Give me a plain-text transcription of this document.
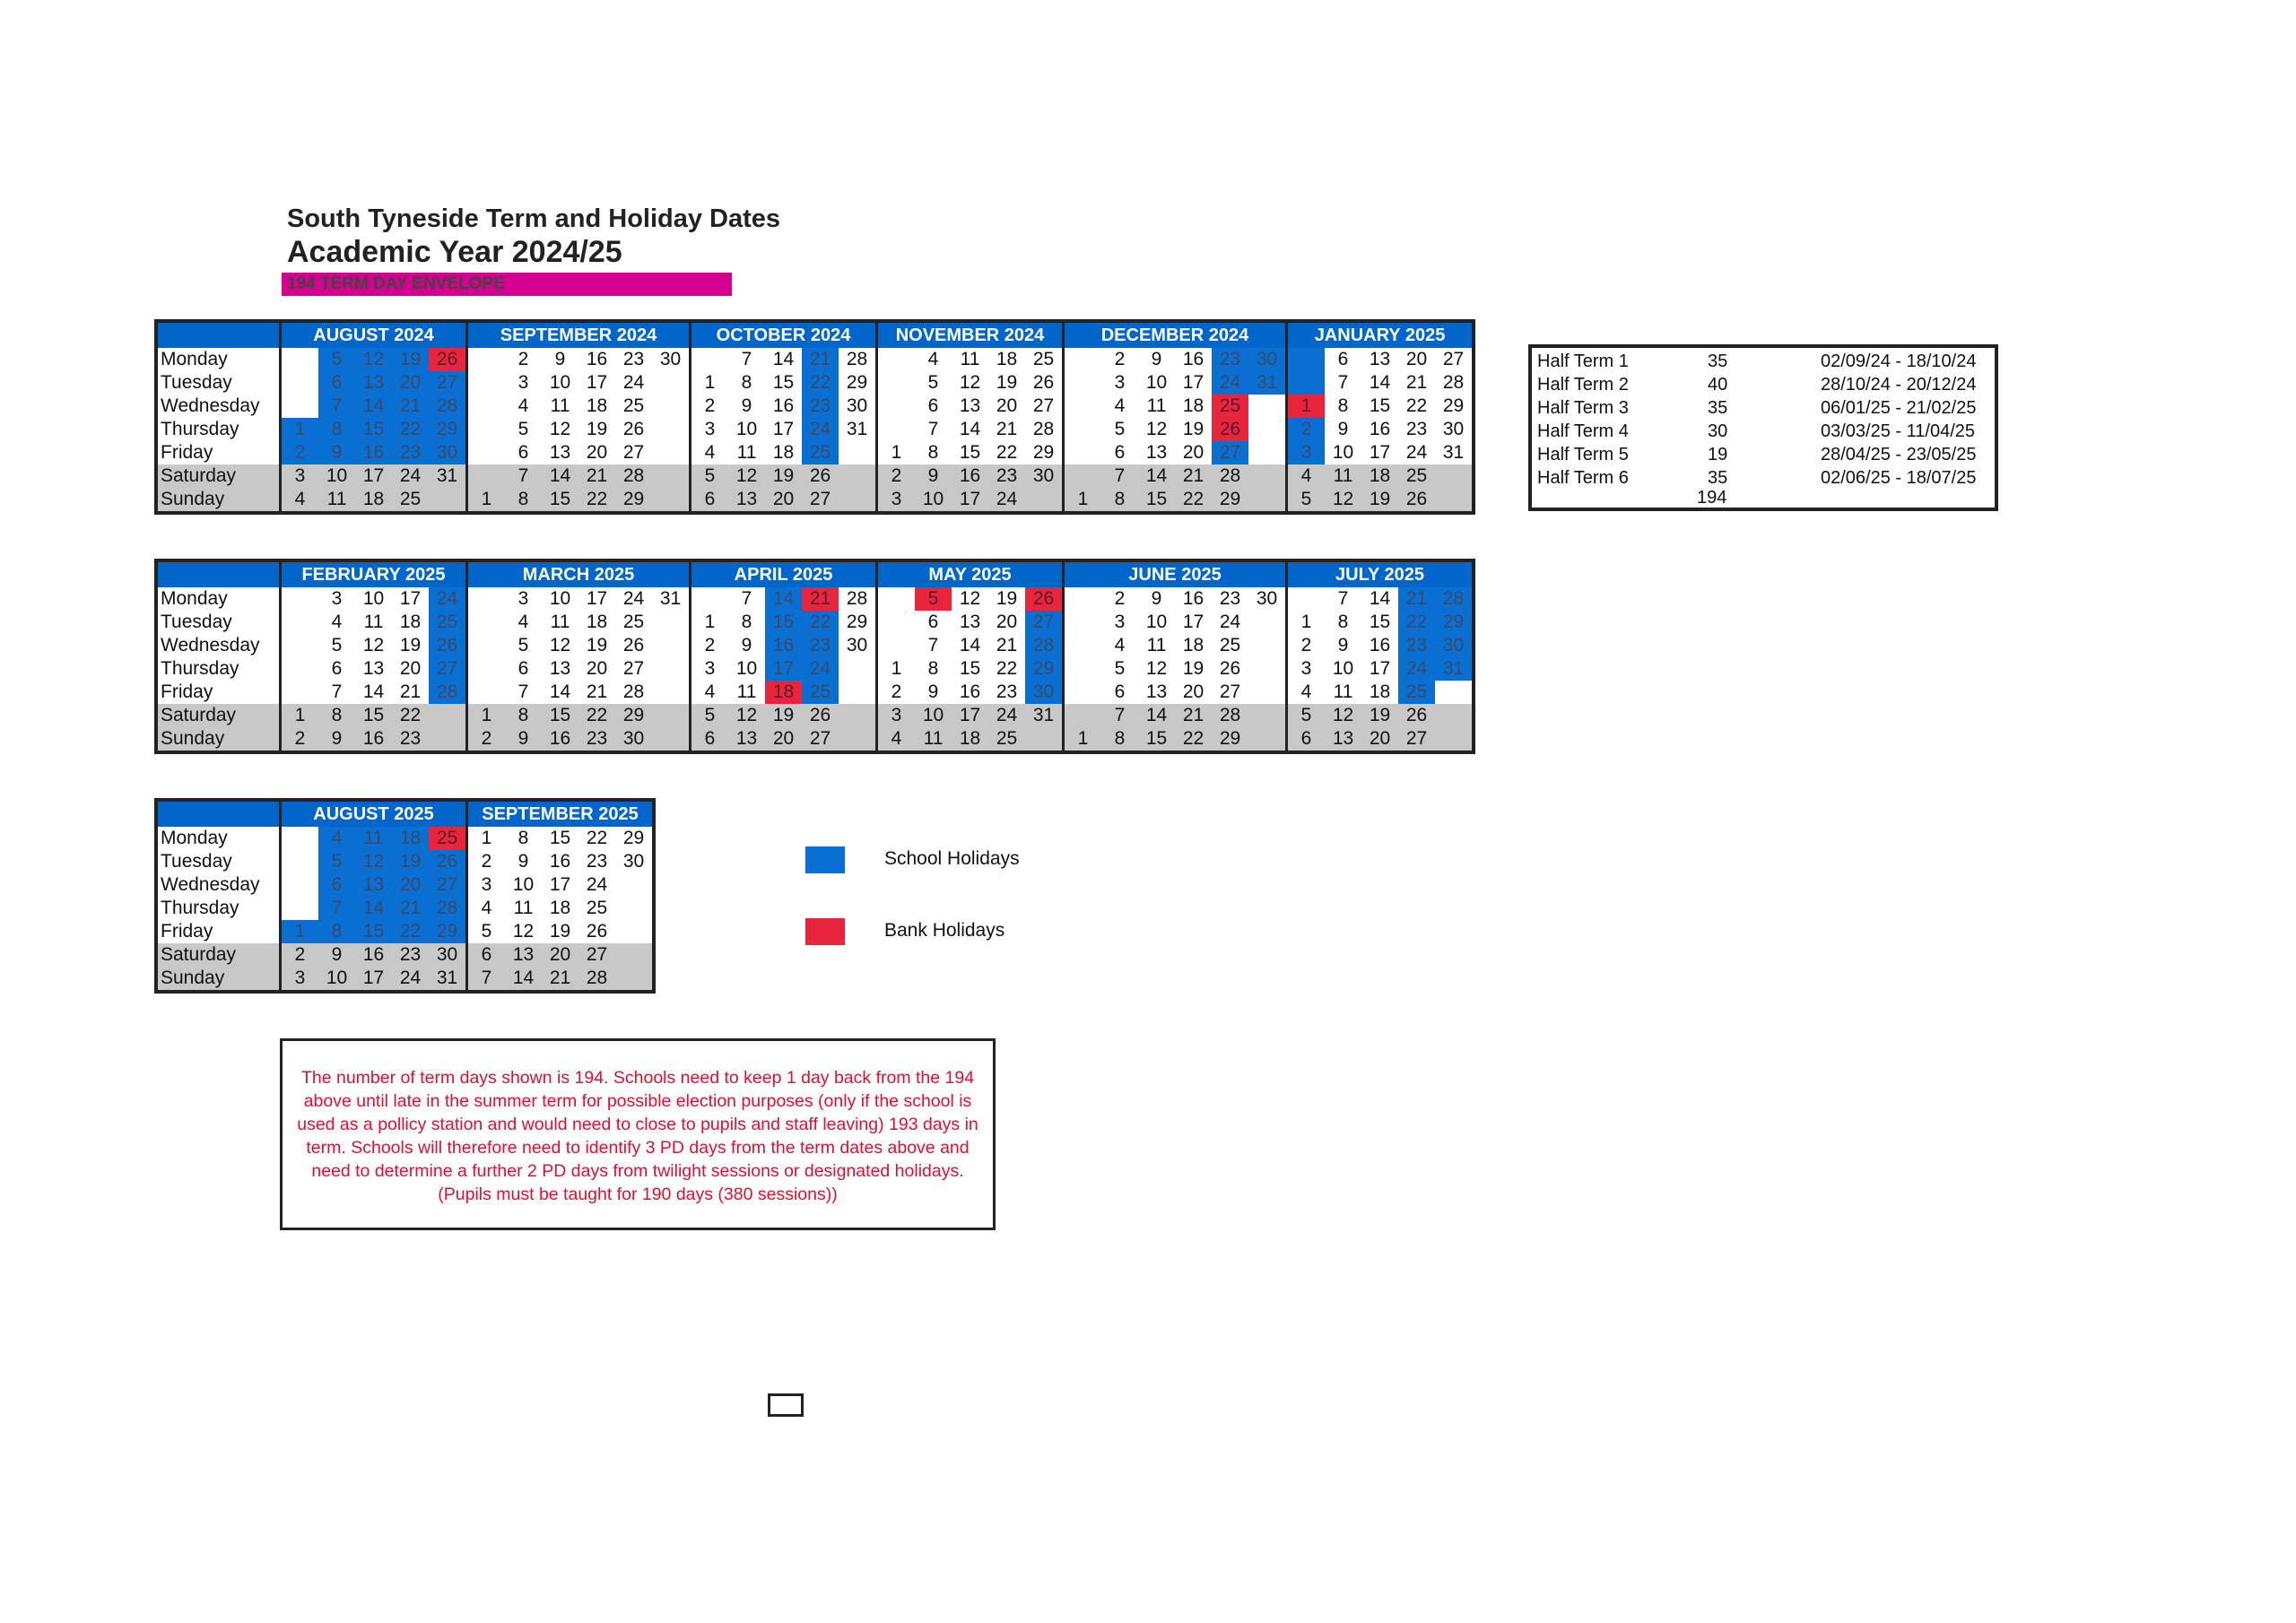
South Tyneside Term and Holiday Dates
Academic Year 2024/25
194 TERM DAY ENVELOPE
	AUGUST 2024					SEPTEMBER 2024						OCTOBER 2024					NOVEMBER 2024					DECEMBER 2024						JANUARY 2025				
Monday		5	12	19	26		2	9	16	23	30		7	14	21	28		4	11	18	25		2	9	16	23	30		6	13	20	27
Tuesday		6	13	20	27		3	10	17	24		1	8	15	22	29		5	12	19	26		3	10	17	24	31		7	14	21	28
Wednesday		7	14	21	28		4	11	18	25		2	9	16	23	30		6	13	20	27		4	11	18	25		1	8	15	22	29
Thursday	1	8	15	22	29		5	12	19	26		3	10	17	24	31		7	14	21	28		5	12	19	26		2	9	16	23	30
Friday	2	9	16	23	30		6	13	20	27		4	11	18	25		1	8	15	22	29		6	13	20	27		3	10	17	24	31
Saturday	3	10	17	24	31		7	14	21	28		5	12	19	26		2	9	16	23	30		7	14	21	28		4	11	18	25	
Sunday	4	11	18	25		1	8	15	22	29		6	13	20	27		3	10	17	24		1	8	15	22	29		5	12	19	26	
	FEBRUARY 2025					MARCH 2025						APRIL 2025					MAY 2025					JUNE 2025						JULY 2025				
Monday		3	10	17	24		3	10	17	24	31		7	14	21	28		5	12	19	26		2	9	16	23	30		7	14	21	28
Tuesday		4	11	18	25		4	11	18	25		1	8	15	22	29		6	13	20	27		3	10	17	24		1	8	15	22	29
Wednesday		5	12	19	26		5	12	19	26		2	9	16	23	30		7	14	21	28		4	11	18	25		2	9	16	23	30
Thursday		6	13	20	27		6	13	20	27		3	10	17	24		1	8	15	22	29		5	12	19	26		3	10	17	24	31
Friday		7	14	21	28		7	14	21	28		4	11	18	25		2	9	16	23	30		6	13	20	27		4	11	18	25	
Saturday	1	8	15	22		1	8	15	22	29		5	12	19	26		3	10	17	24	31		7	14	21	28		5	12	19	26	
Sunday	2	9	16	23		2	9	16	23	30		6	13	20	27		4	11	18	25		1	8	15	22	29		6	13	20	27	
	AUGUST 2025					SEPTEMBER 2025				
Monday		4	11	18	25	1	8	15	22	29
Tuesday		5	12	19	26	2	9	16	23	30
Wednesday		6	13	20	27	3	10	17	24	
Thursday		7	14	21	28	4	11	18	25	
Friday	1	8	15	22	29	5	12	19	26	
Saturday	2	9	16	23	30	6	13	20	27	
Sunday	3	10	17	24	31	7	14	21	28	
Half Term 1	35	02/09/24 - 18/10/24
Half Term 2	40	28/10/24 - 20/12/24
Half Term 3	35	06/01/25 - 21/02/25
Half Term 4	30	03/03/25 - 11/04/25
Half Term 5	19	28/04/25 - 23/05/25
Half Term 6	35	02/06/25 - 18/07/25
194
School Holidays
Bank Holidays
The number of term days shown is 194. Schools need to keep 1 day back from the 194 above until late in the summer term for possible election purposes (only if the school is used as a pollicy station and would need to close to pupils and staff leaving) 193 days in term. Schools will therefore need to identify 3 PD days from the term dates above and need to determine a further 2 PD days from twilight sessions or designated holidays. (Pupils must be taught for 190 days (380 sessions))
